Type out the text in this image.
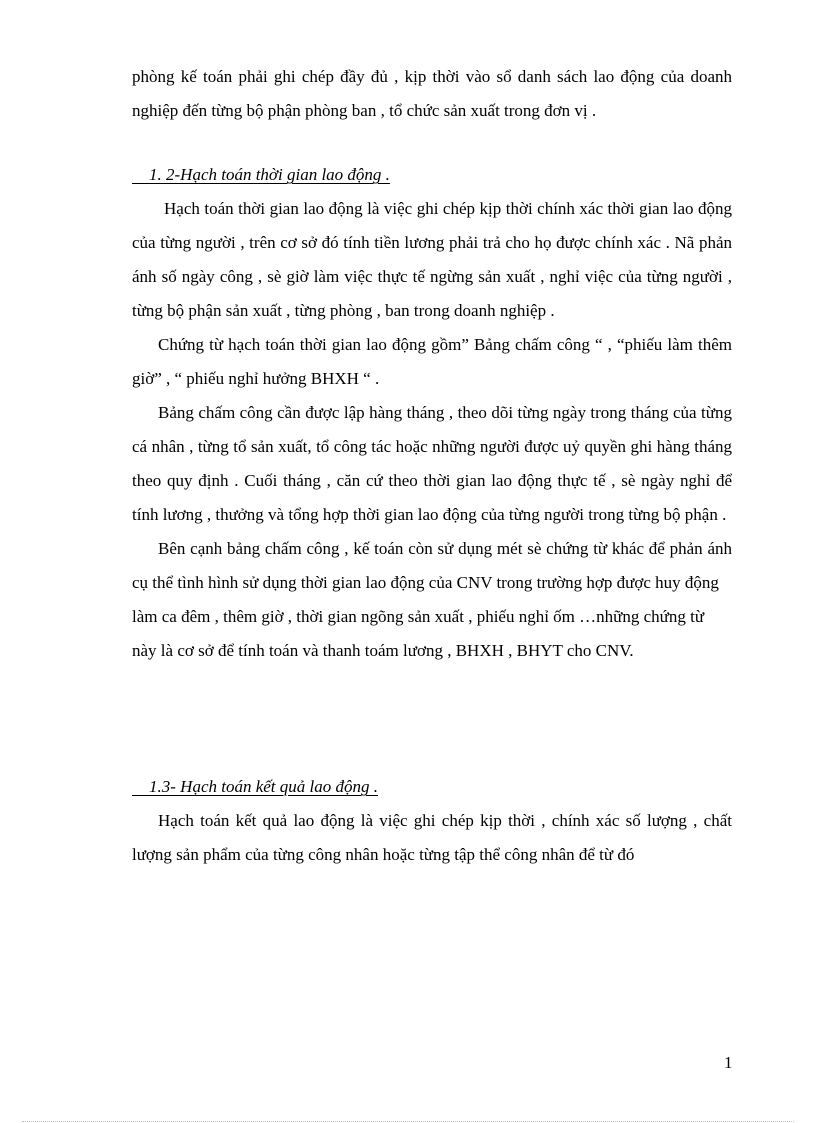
phòng kế toán phải ghi chép đầy đủ , kịp thời vào sổ danh sách lao động của doanh nghiệp đến từng bộ phận phòng ban , tổ chức sản xuất trong đơn vị .

1. 2-Hạch toán thời gian lao động .

Hạch toán thời gian lao động là việc ghi chép kịp thời chính xác thời gian lao động của từng người , trên cơ sở đó tính tiền lương phải trả cho họ được chính xác . Nã phản ánh số ngày công , sè giờ làm việc thực tế ngừng sản xuất , nghỉ việc của từng người , từng bộ phận sản xuất , từng phòng , ban trong doanh nghiệp .

Chứng từ hạch toán thời gian lao động gồm” Bảng chấm công “ , “phiếu làm thêm giờ” , “ phiếu nghỉ hưởng BHXH “ .

Bảng chấm công cần được lập hàng tháng , theo dõi từng ngày trong tháng của từng cá nhân , từng tổ sản xuất, tổ công tác hoặc những người được uỷ quyền ghi hàng tháng theo quy định . Cuối tháng , căn cứ theo thời gian lao động thực tế , sè ngày nghỉ để tính lương , thưởng và tổng hợp thời gian lao động của từng người trong từng bộ phận .

Bên cạnh bảng chấm công , kế toán còn sử dụng mét sè chứng từ khác để phản ánh cụ thể tình hình sử dụng thời gian lao động của CNV trong trường hợp được huy động

làm ca đêm , thêm giờ , thời gian ngõng sản xuất , phiếu nghỉ ốm …những chứng từ

này là cơ sở để tính toán và thanh toám lương , BHXH , BHYT cho CNV.

1.3- Hạch toán kết quả lao động .

Hạch toán kết quả lao động là việc ghi chép kịp thời , chính xác số lượng , chất lượng sản phẩm của từng công nhân hoặc từng tập thể công nhân để từ đó

1
